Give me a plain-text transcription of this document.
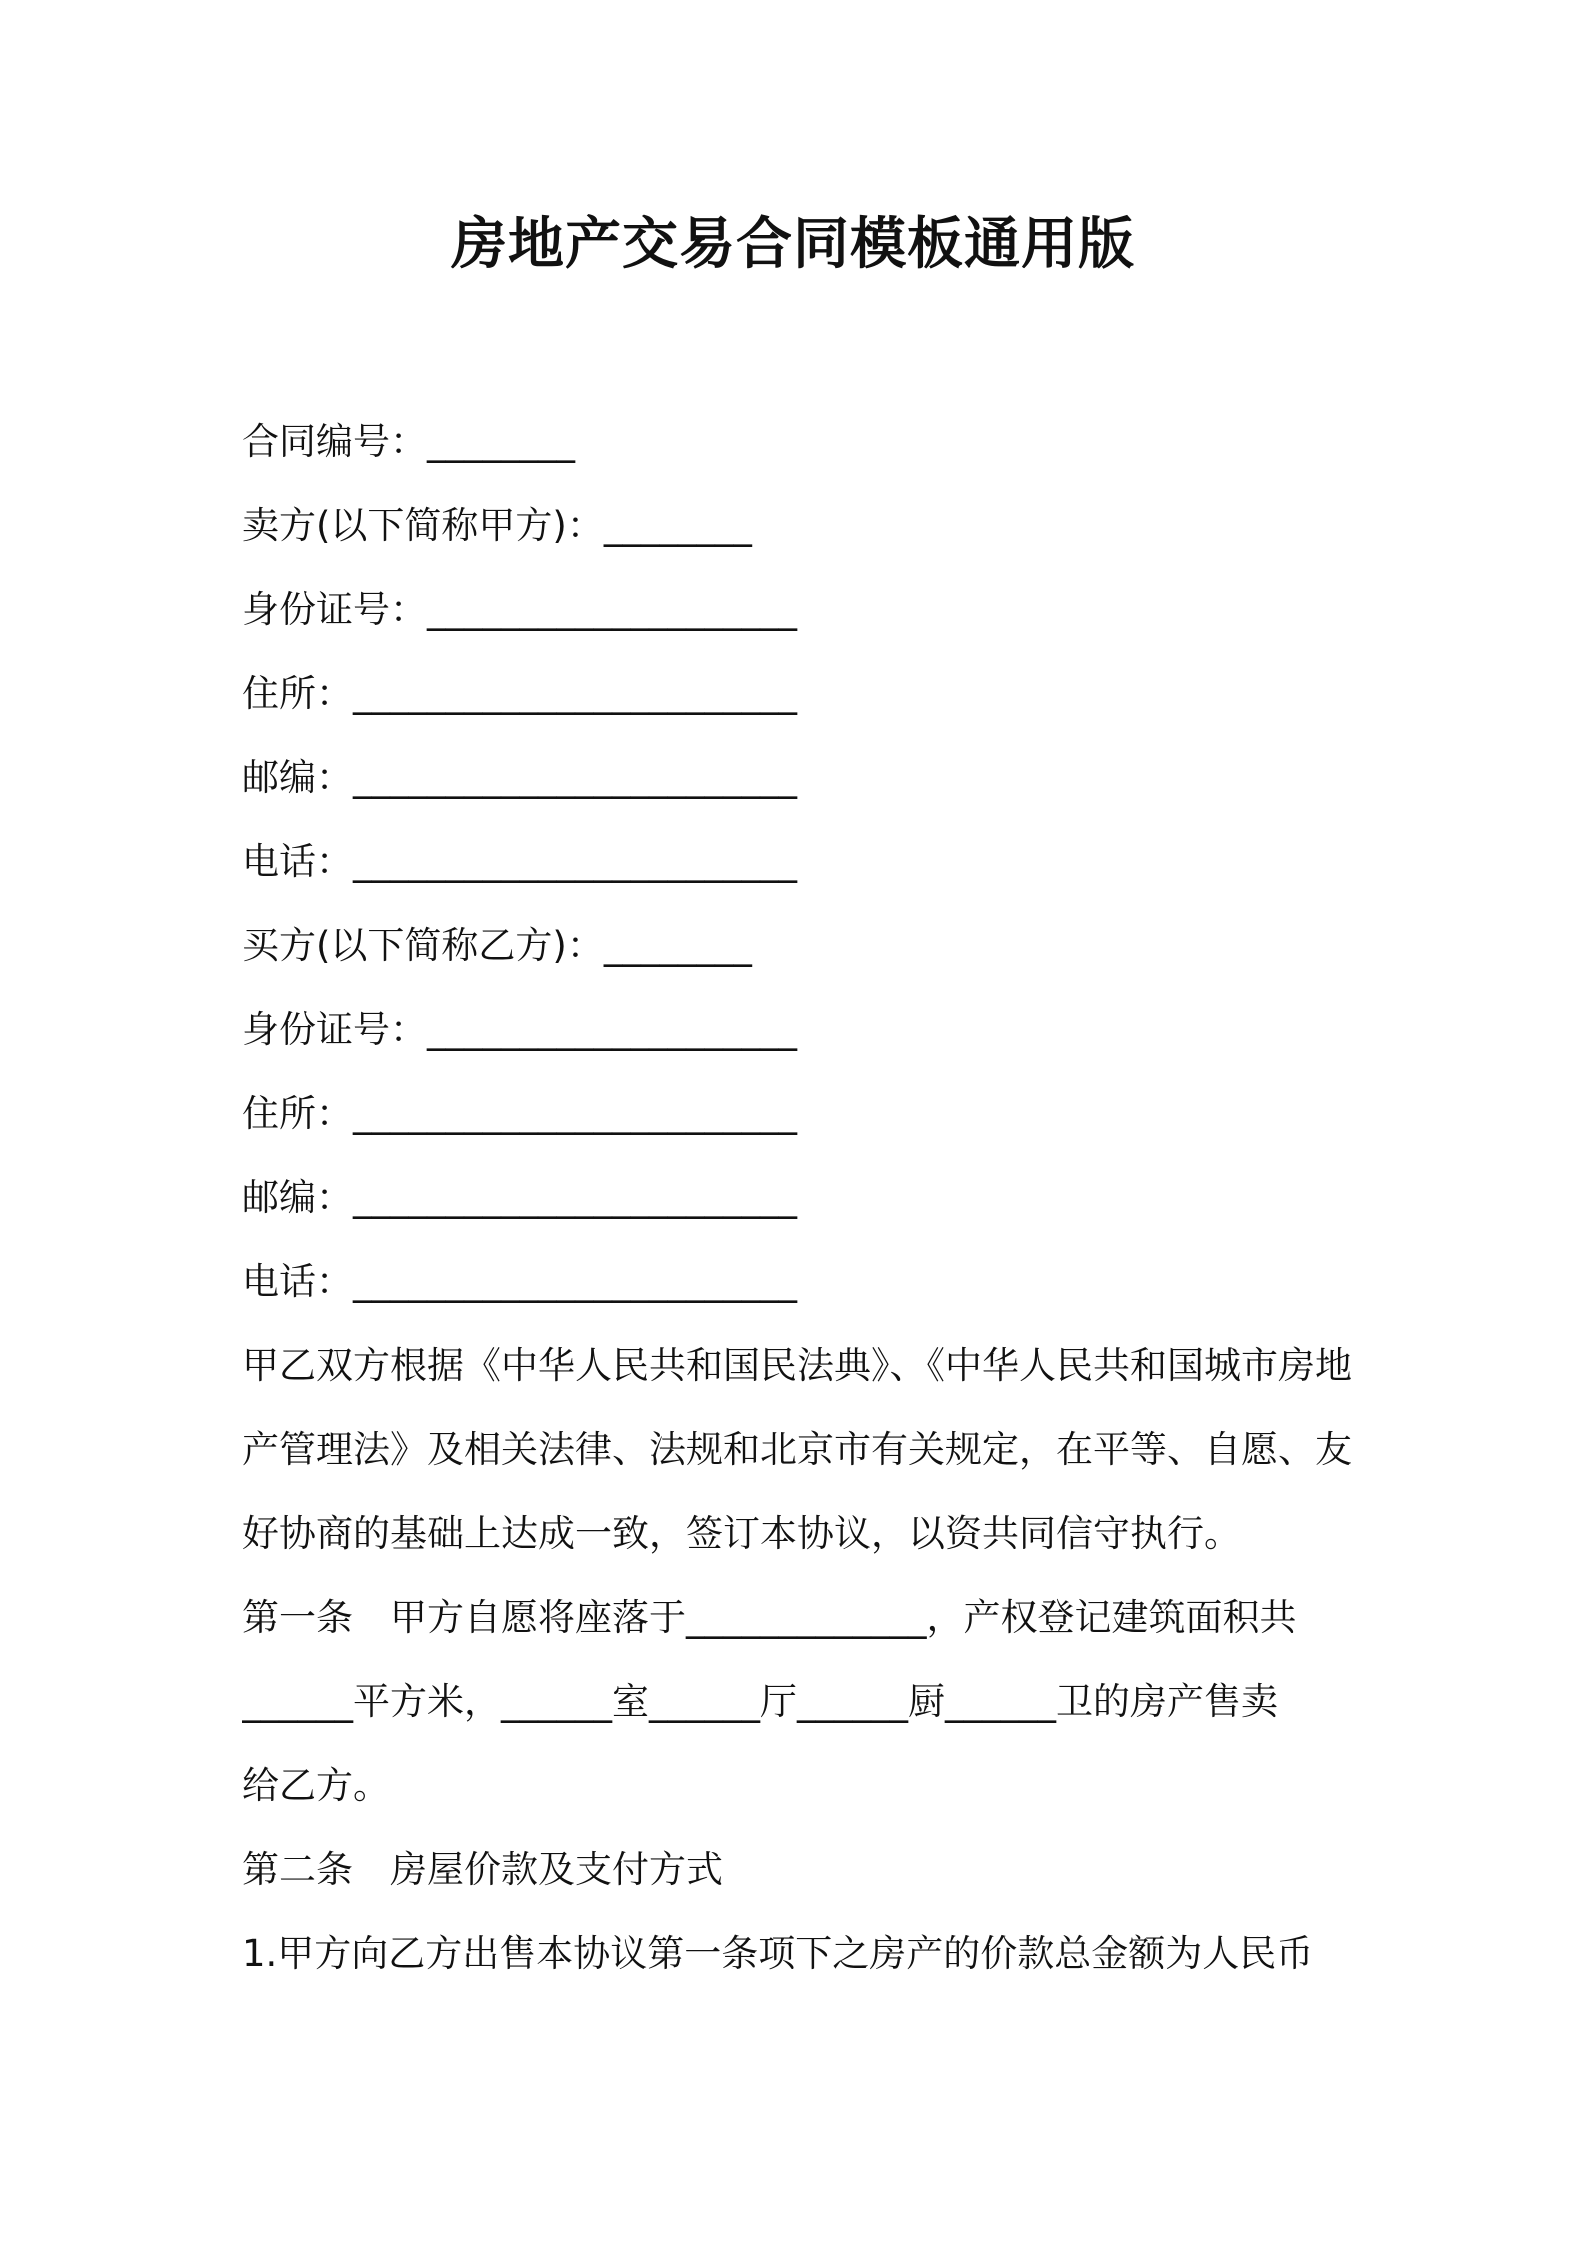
房地产交易合同模板通用版
合同编号：________
卖方(以下简称甲方)：________
身份证号：____________________
住所：________________________
邮编：________________________
电话：________________________
买方(以下简称乙方)：________
身份证号：____________________
住所：________________________
邮编：________________________
电话：________________________
甲乙双方根据《中华人民共和国民法典》、《中华人民共和国城市房地
产管理法》及相关法律、法规和北京市有关规定，在平等、自愿、友
好协商的基础上达成一致，签订本协议，以资共同信守执行。
第一条　甲方自愿将座落于_____________，产权登记建筑面积共
______平方米，______室______厅______厨______卫的房产售卖
给乙方。
第二条　房屋价款及支付方式
1.甲方向乙方出售本协议第一条项下之房产的价款总金额为人民币
